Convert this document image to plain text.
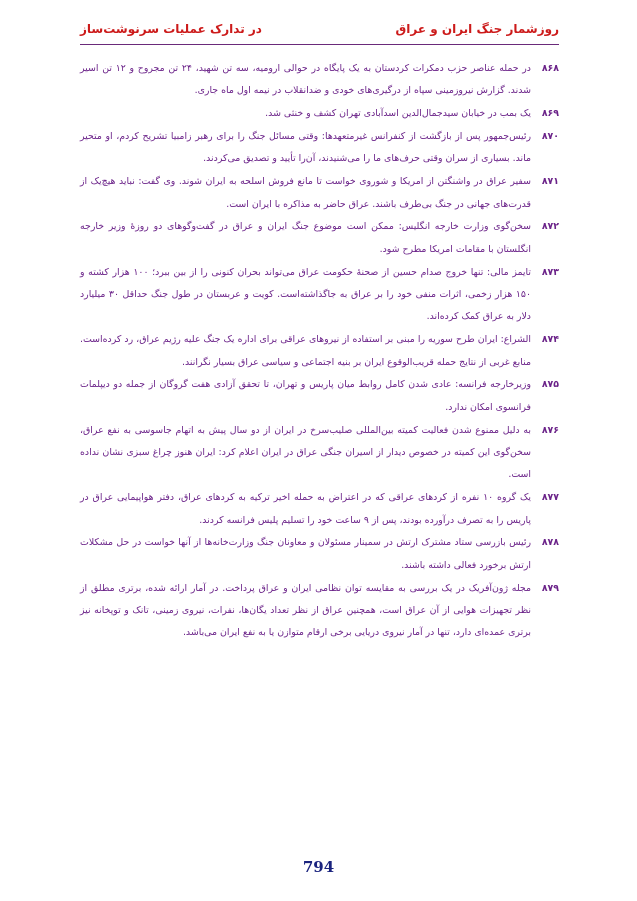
در تدارک عملیات سرنوشت‌ساز	روزشمار جنگ ایران و عراق
۸۶۸
در حمله عناصر حزب دمکرات کردستان به یک پایگاه در حوالی ارومیه، سه تن شهید، ۲۴ تن مجروح و ۱۲ تن اسیر شدند. گزارش نیروزمینی سپاه از درگیری‌های خودی و ضدانقلاب در نیمه اول ماه جاری.
۸۶۹
یک بمب در خیابان سیدجمال‌الدین اسدآبادی تهران کشف و خنثی شد.
۸۷۰
رئیس‌جمهور پس از بازگشت از کنفرانس غیرمتعهدها: وقتی مسائل جنگ را برای رهبر زامبیا تشریح کردم، او متحیر ماند. بسیاری از سران وقتی حرف‌های ما را می‌شنیدند، آن‌را تأیید و تصدیق می‌کردند.
۸۷۱
سفیر عراق در واشنگتن از امریکا و شوروی خواست تا مانع فروش اسلحه به ایران شوند. وی گفت: نباید هیچ‌یک از قدرت‌های جهانی در جنگ بی‌طرف باشند. عراق حاضر به مذاکره با ایران است.
۸۷۲
سخن‌گوی وزارت خارجه انگلیس: ممکن است موضوع جنگ ایران و عراق در گفت‌وگوهای دو روزهٔ وزیر خارجه انگلستان با مقامات امریکا مطرح شود.
۸۷۳
تایمز مالی: تنها خروج صدام حسین از صحنهٔ حکومت عراق می‌تواند بحران کنونی را از بین ببرد؛ ۱۰۰ هزار کشته و ۱۵۰ هزار زخمی، اثرات منفی خود را بر عراق به جاگذاشته‌است. کویت و عربستان در طول جنگ حداقل ۳۰ میلیارد دلار به عراق کمک کرده‌اند.
۸۷۴
الشراع: ایران طرح سوریه را مبنی بر استفاده از نیروهای عراقی برای اداره یک جنگ علیه رژیم عراق، رد کرده‌است. منابع غربی از نتایج حمله قریب‌الوقوع ایران بر بنیه اجتماعی و سیاسی عراق بسیار نگرانند.
۸۷۵
وزیرخارجه فرانسه: عادی شدن کامل روابط میان پاریس و تهران، تا تحقق آزادی هفت گروگان از جمله دو دیپلمات فرانسوی امکان ندارد.
۸۷۶
به دلیل ممنوع شدن فعالیت کمیته بین‌المللی صلیب‌سرخ در ایران از دو سال پیش به اتهام جاسوسی به نفع عراق، سخن‌گوی این کمیته در خصوص دیدار از اسیران جنگی عراق در ایران اعلام کرد: ایران هنوز چراغ سبزی نشان نداده است.
۸۷۷
یک گروه ۱۰ نفره از کردهای عراقی که در اعتراض به حمله اخیر ترکیه به کردهای عراق، دفتر هواپیمایی عراق در پاریس را به تصرف درآورده بودند، پس از ۹ ساعت خود را تسلیم پلیس فرانسه کردند.
۸۷۸
رئیس بازرسی ستاد مشترک ارتش در سمینار مسئولان و معاونان جنگ وزارت‌خانه‌ها از آنها خواست در حل مشکلات ارتش برخورد فعالی داشته باشند.
۸۷۹
مجله ژون‌آفریک در یک بررسی به مقایسه توان نظامی ایران و عراق پرداخت. در آمار ارائه شده، برتری مطلق از نظر تجهیزات هوایی از آن عراق است، همچنین عراق از نظر تعداد یگان‌ها، نفرات، نیروی زمینی، تانک و توپخانه نیز برتری عمده‌ای دارد، تنها در آمار نیروی دریایی برخی ارقام متوازن یا به نفع ایران می‌باشد.
794
